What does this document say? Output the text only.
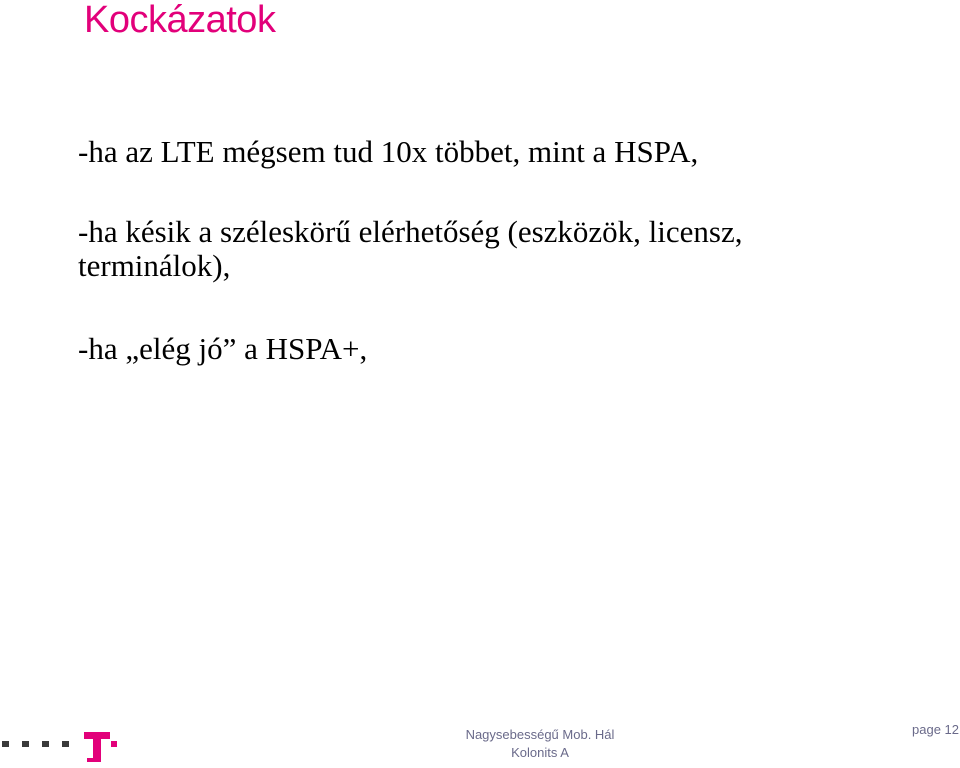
Kockázatok
-ha az LTE mégsem tud 10x többet, mint a HSPA,
-ha késik a széleskörű elérhetőség (eszközök, licensz,
terminálok),
-ha „elég jó” a HSPA+,
Nagysebességű Mob. Hál
Kolonits A
page 12
